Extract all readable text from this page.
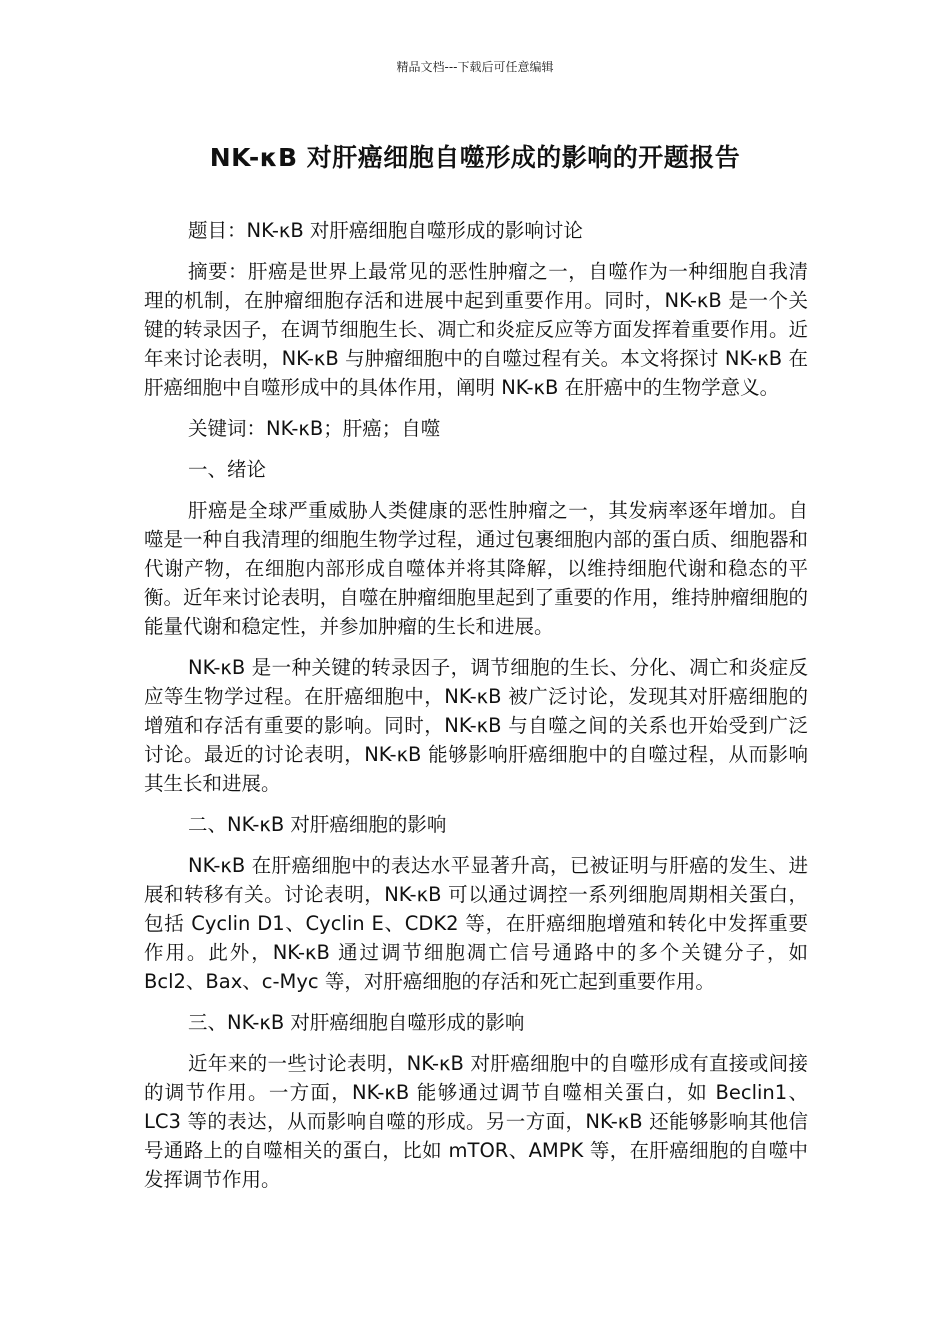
精品文档---下载后可任意编辑
NK-κB 对肝癌细胞自噬形成的影响的开题报告

题目：NK-κB 对肝癌细胞自噬形成的影响讨论

摘要：肝癌是世界上最常见的恶性肿瘤之一，自噬作为一种细胞自我清理的机制，在肿瘤细胞存活和进展中起到重要作用。同时，NK-κB 是一个关键的转录因子，在调节细胞生长、凋亡和炎症反应等方面发挥着重要作用。近年来讨论表明，NK-κB 与肿瘤细胞中的自噬过程有关。本文将探讨 NK-κB 在肝癌细胞中自噬形成中的具体作用，阐明 NK-κB 在肝癌中的生物学意义。

关键词：NK-κB；肝癌；自噬

一、绪论

肝癌是全球严重威胁人类健康的恶性肿瘤之一，其发病率逐年增加。自噬是一种自我清理的细胞生物学过程，通过包裹细胞内部的蛋白质、细胞器和代谢产物，在细胞内部形成自噬体并将其降解，以维持细胞代谢和稳态的平衡。近年来讨论表明，自噬在肿瘤细胞里起到了重要的作用，维持肿瘤细胞的能量代谢和稳定性，并参加肿瘤的生长和进展。

NK-κB 是一种关键的转录因子，调节细胞的生长、分化、凋亡和炎症反应等生物学过程。在肝癌细胞中，NK-κB 被广泛讨论，发现其对肝癌细胞的增殖和存活有重要的影响。同时，NK-κB 与自噬之间的关系也开始受到广泛讨论。最近的讨论表明，NK-κB 能够影响肝癌细胞中的自噬过程，从而影响其生长和进展。

二、NK-κB 对肝癌细胞的影响

NK-κB 在肝癌细胞中的表达水平显著升高，已被证明与肝癌的发生、进展和转移有关。讨论表明，NK-κB 可以通过调控一系列细胞周期相关蛋白，包括 Cyclin D1、Cyclin E、CDK2 等，在肝癌细胞增殖和转化中发挥重要作用。此外，NK-κB 通过调节细胞凋亡信号通路中的多个关键分子，如 Bcl2、Bax、c-Myc 等，对肝癌细胞的存活和死亡起到重要作用。

三、NK-κB 对肝癌细胞自噬形成的影响

近年来的一些讨论表明，NK-κB 对肝癌细胞中的自噬形成有直接或间接的调节作用。一方面，NK-κB 能够通过调节自噬相关蛋白，如 Beclin1、LC3 等的表达，从而影响自噬的形成。另一方面，NK-κB 还能够影响其他信号通路上的自噬相关的蛋白，比如 mTOR、AMPK 等，在肝癌细胞的自噬中发挥调节作用。
